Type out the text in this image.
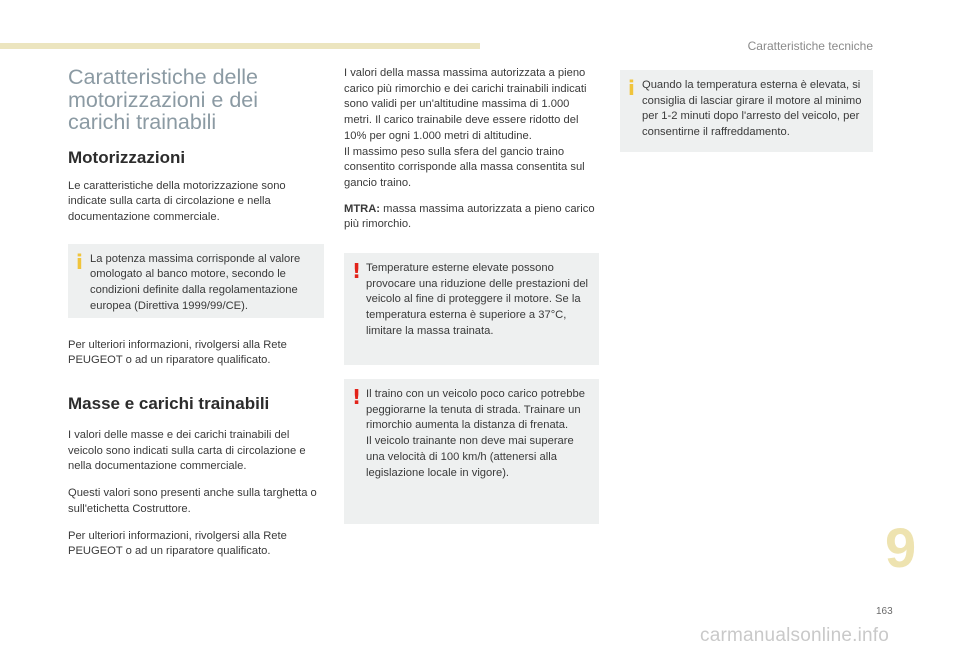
Caratteristiche tecniche
Caratteristiche delle motorizzazioni e dei carichi trainabili
Motorizzazioni

Le caratteristiche della motorizzazione sono indicate sulla carta di circolazione e nella documentazione commerciale.

i La potenza massima corrisponde al valore omologato al banco motore, secondo le condizioni definite dalla regolamentazione europea (Direttiva 1999/99/CE).

Per ulteriori informazioni, rivolgersi alla Rete PEUGEOT o ad un riparatore qualificato.

Masse e carichi trainabili

I valori delle masse e dei carichi trainabili del veicolo sono indicati sulla carta di circolazione e nella documentazione commerciale.

Questi valori sono presenti anche sulla targhetta o sull'etichetta Costruttore.

Per ulteriori informazioni, rivolgersi alla Rete PEUGEOT o ad un riparatore qualificato.

I valori della massa massima autorizzata a pieno carico più rimorchio e dei carichi trainabili indicati sono validi per un'altitudine massima di 1.000 metri. Il carico trainabile deve essere ridotto del 10% per ogni 1.000 metri di altitudine.

Il massimo peso sulla sfera del gancio traino consentito corrisponde alla massa consentita sul gancio traino.

MTRA: massa massima autorizzata a pieno carico più rimorchio.

! Temperature esterne elevate possono provocare una riduzione delle prestazioni del veicolo al fine di proteggere il motore. Se la temperatura esterna è superiore a 37°C, limitare la massa trainata.

! Il traino con un veicolo poco carico potrebbe peggiorarne la tenuta di strada. Trainare un rimorchio aumenta la distanza di frenata.

Il veicolo trainante non deve mai superare una velocità di 100 km/h (attenersi alla legislazione locale in vigore).

i Quando la temperatura esterna è elevata, si consiglia di lasciar girare il motore al minimo per 1-2 minuti dopo l'arresto del veicolo, per consentirne il raffreddamento.

9
163
carmanualsonline.info
